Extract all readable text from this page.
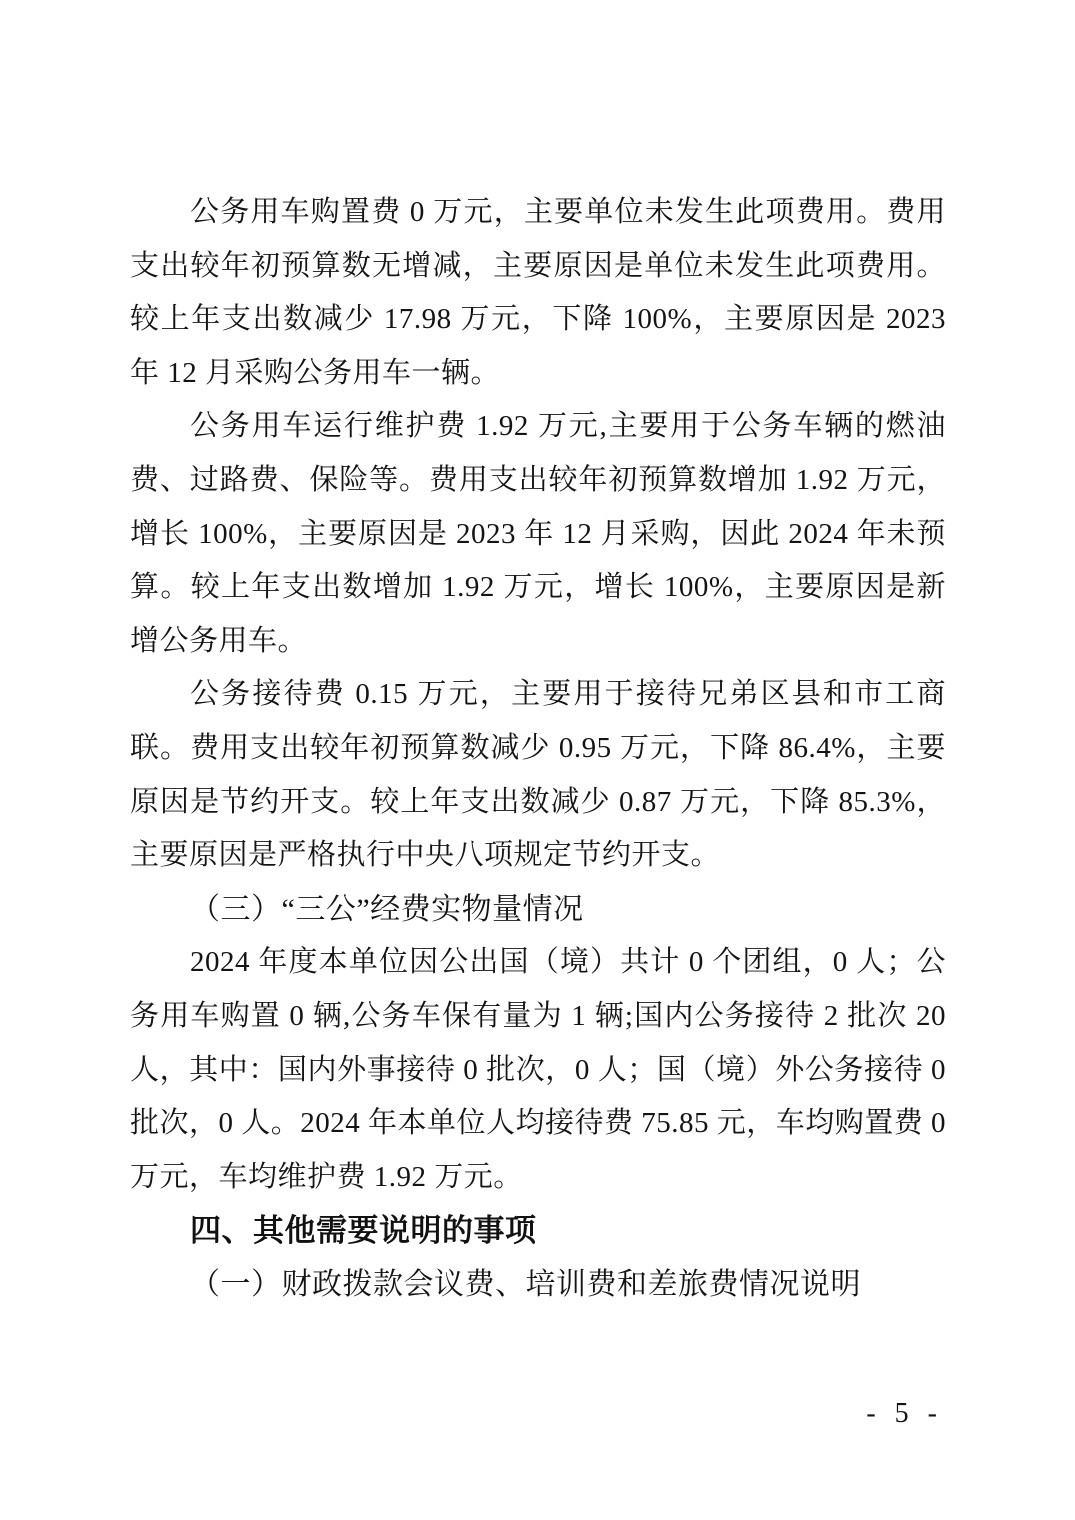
公务用车购置费 0 万元，主要单位未发生此项费用。费用支出较年初预算数无增减，主要原因是单位未发生此项费用。较上年支出数减少 17.98 万元，下降 100%，主要原因是 2023 年 12 月采购公务用车一辆。

公务用车运行维护费 1.92 万元,主要用于公务车辆的燃油费、过路费、保险等。费用支出较年初预算数增加 1.92 万元，增长 100%，主要原因是 2023 年 12 月采购，因此 2024 年未预算。较上年支出数增加 1.92 万元，增长 100%，主要原因是新增公务用车。

公务接待费 0.15 万元，主要用于接待兄弟区县和市工商联。费用支出较年初预算数减少 0.95 万元，下降 86.4%，主要原因是节约开支。较上年支出数减少 0.87 万元，下降 85.3%，主要原因是严格执行中央八项规定节约开支。

（三）“三公”经费实物量情况

2024 年度本单位因公出国（境）共计 0 个团组，0 人；公务用车购置 0 辆,公务车保有量为 1 辆;国内公务接待 2 批次 20 人，其中：国内外事接待 0 批次，0 人；国（境）外公务接待 0 批次，0 人。2024 年本单位人均接待费 75.85 元，车均购置费 0 万元，车均维护费 1.92 万元。

四、其他需要说明的事项

（一）财政拨款会议费、培训费和差旅费情况说明

- 5 -
